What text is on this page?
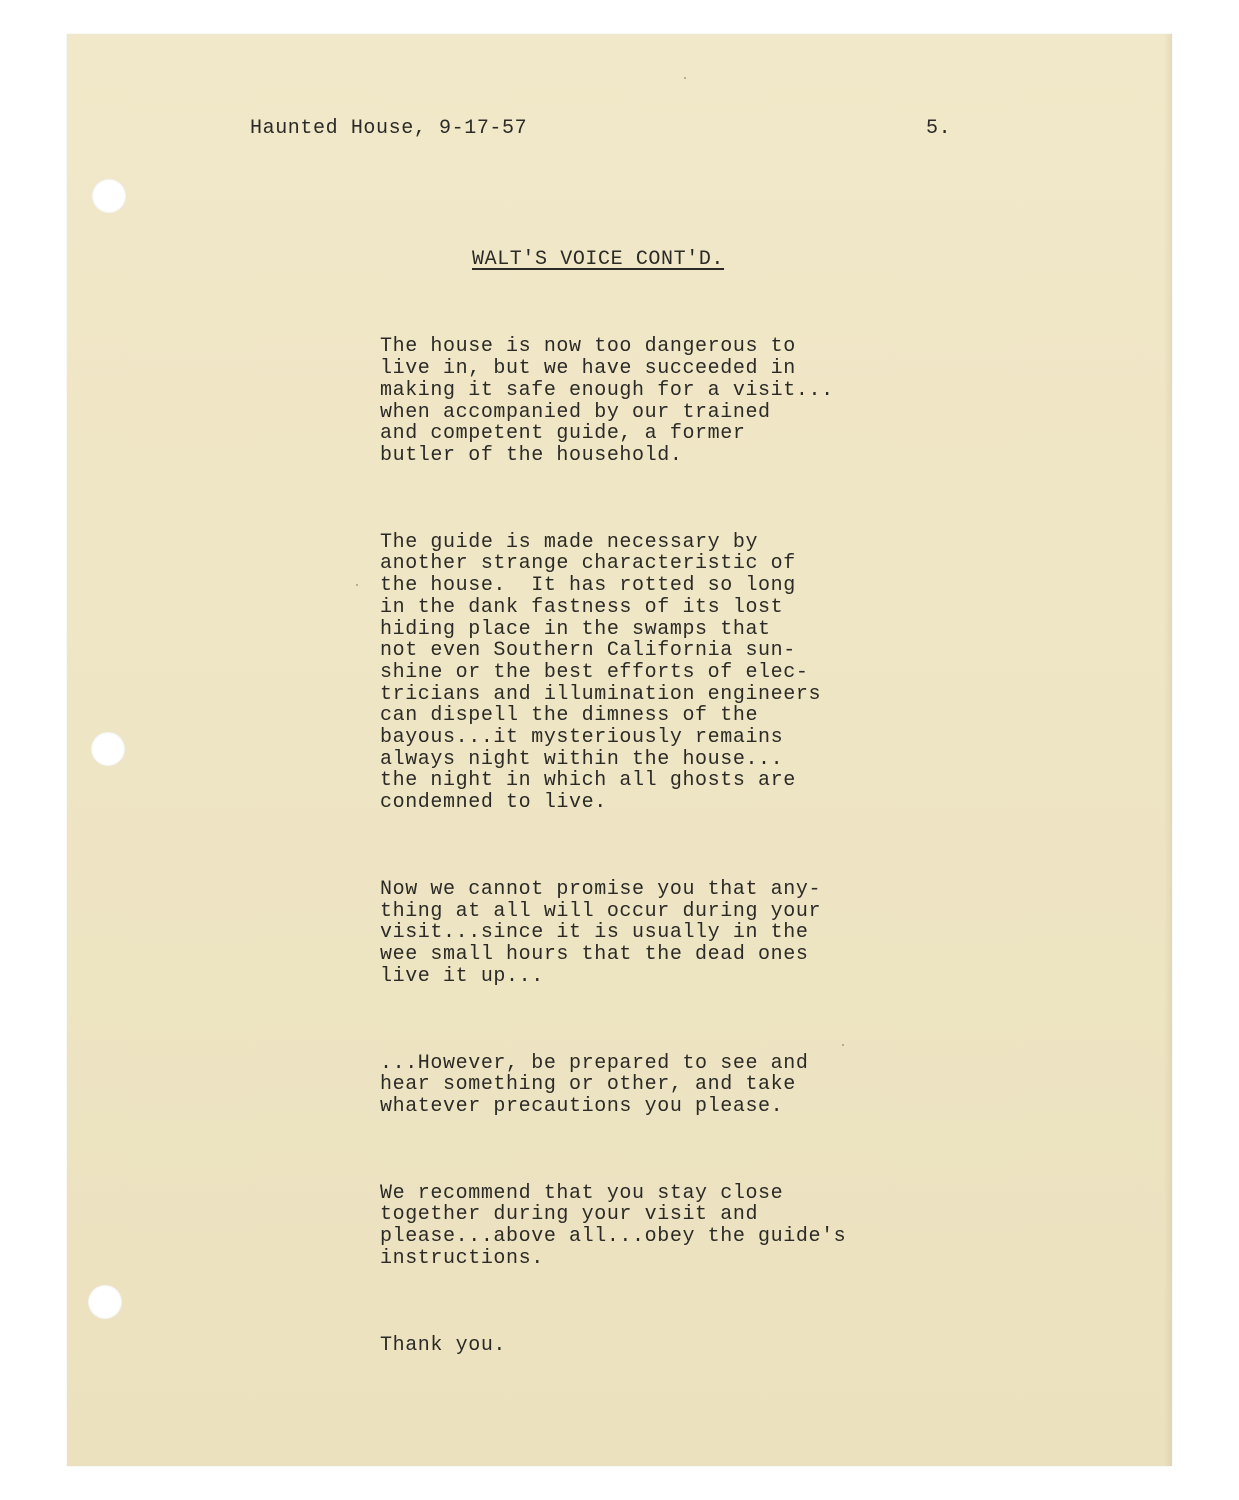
Haunted House, 9-17-57	5.

WALT'S VOICE CONT'D.

The house is now too dangerous to
live in, but we have succeeded in
making it safe enough for a visit...
when accompanied by our trained
and competent guide, a former
butler of the household.

The guide is made necessary by
another strange characteristic of
the house.  It has rotted so long
in the dank fastness of its lost
hiding place in the swamps that
not even Southern California sun-
shine or the best efforts of elec-
tricians and illumination engineers
can dispell the dimness of the
bayous...it mysteriously remains
always night within the house...
the night in which all ghosts are
condemned to live.

Now we cannot promise you that any-
thing at all will occur during your
visit...since it is usually in the
wee small hours that the dead ones
live it up...

...However, be prepared to see and
hear something or other, and take
whatever precautions you please.

We recommend that you stay close
together during your visit and
please...above all...obey the guide's
instructions.

Thank you.
